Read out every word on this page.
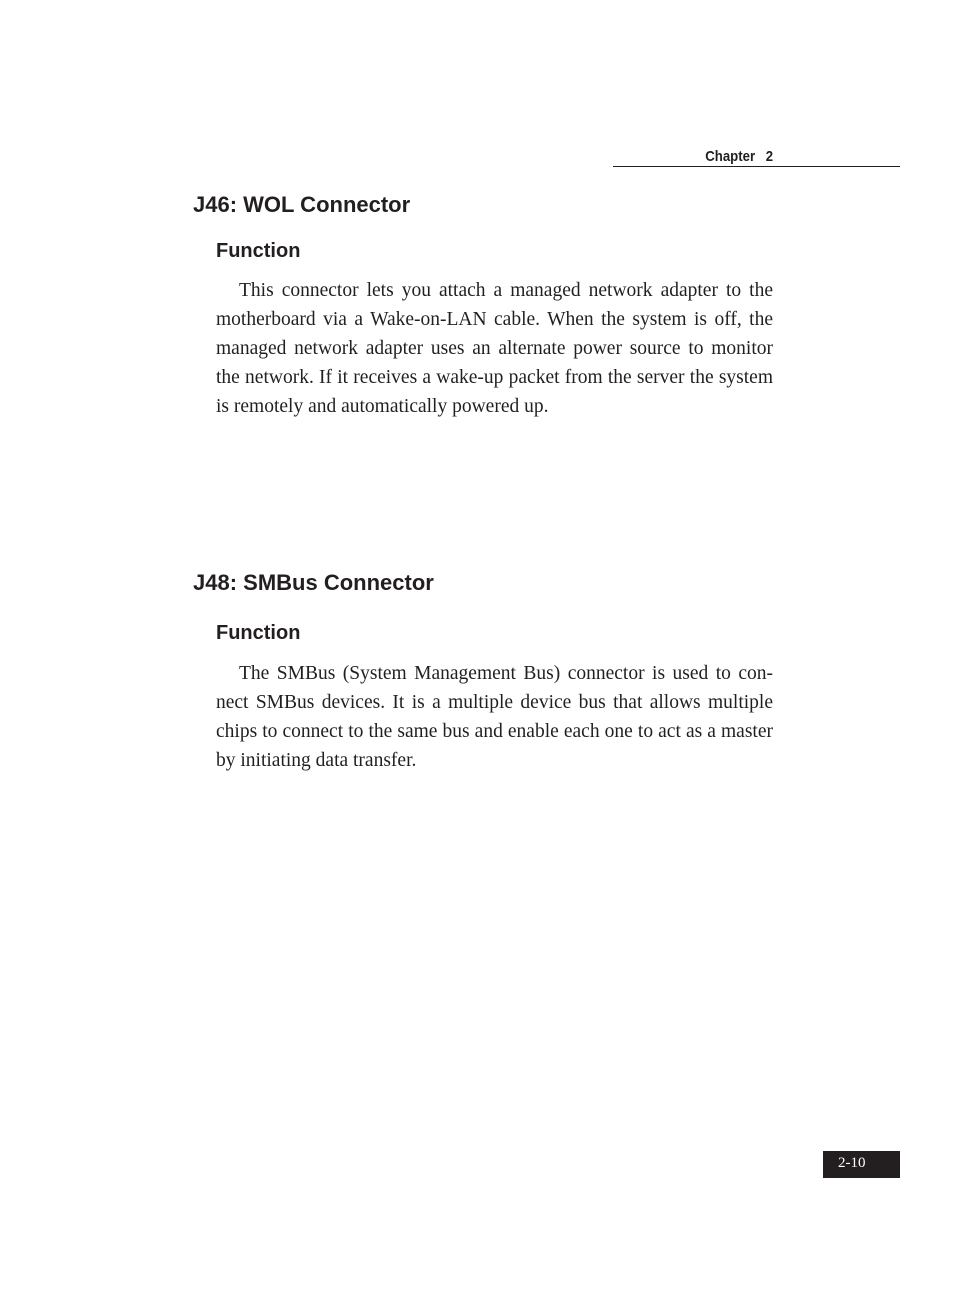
Chapter 2
J46: WOL Connector
Function

This connector lets you attach a managed network adapter to the motherboard via a Wake-on-LAN cable. When the system is off, the managed network adapter uses an alternate power source to monitor the network. If it receives a wake-up packet from the server the system is remotely and automatically powered up.

J48: SMBus Connector
Function

The SMBus (System Management Bus) connector is used to connect SMBus devices. It is a multiple device bus that allows multiple chips to connect to the same bus and enable each one to act as a master by initiating data transfer.

2-10
